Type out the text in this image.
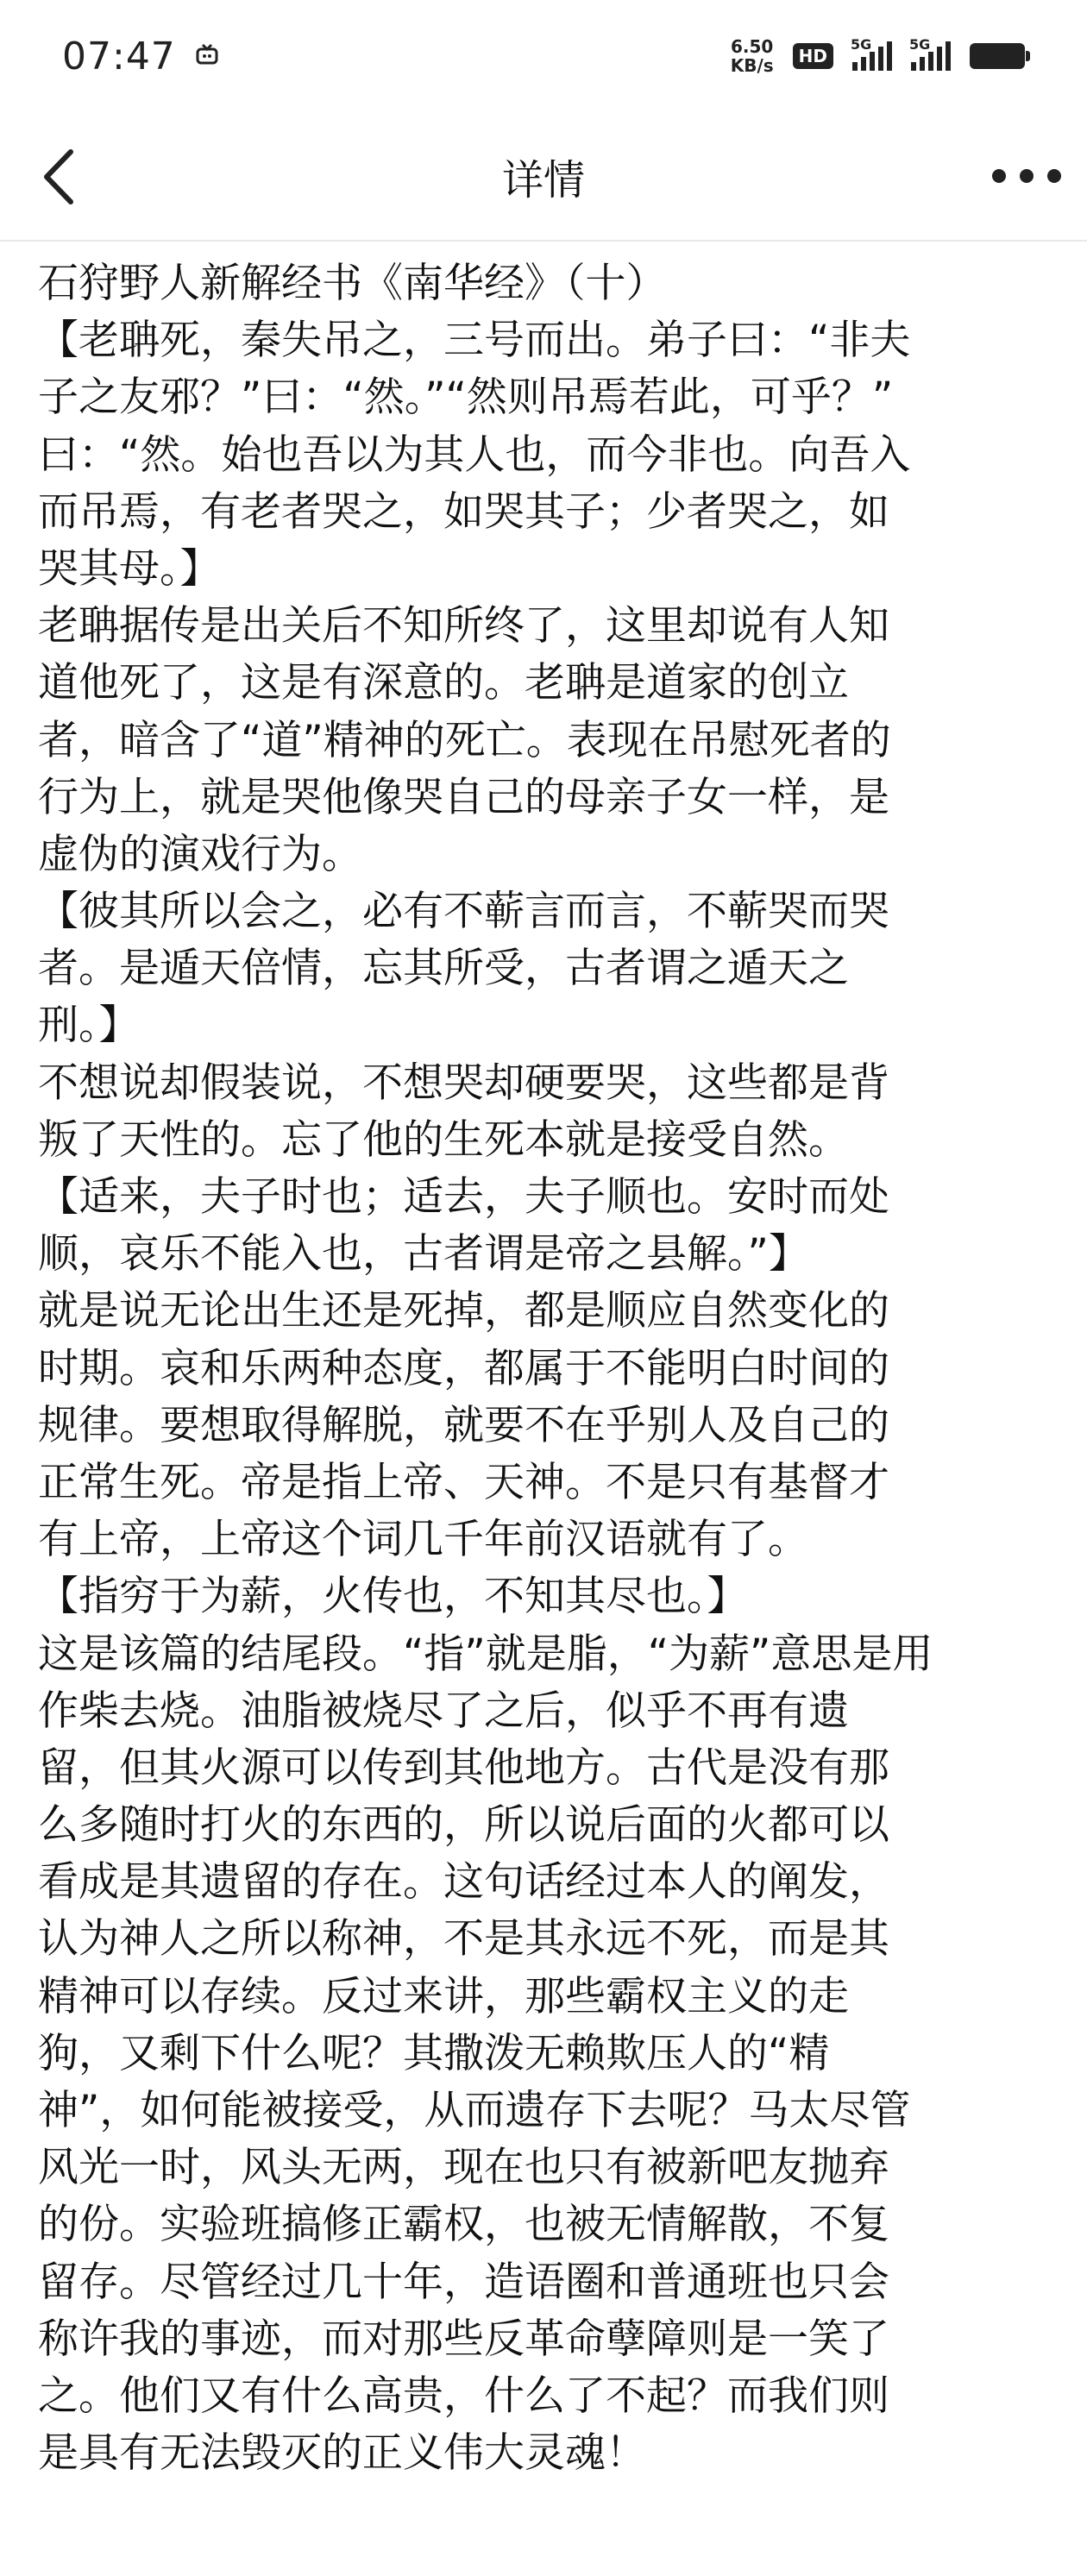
07:47	6.50
KB/s	HD
5G	5G
详情
石狩野人新解经书《南华经》（十）
【老聃死，秦失吊之，三号而出。弟子曰：“非夫
子之友邪？”曰：“然。”“然则吊焉若此，可乎？”
曰：“然。始也吾以为其人也，而今非也。向吾入
而吊焉，有老者哭之，如哭其子；少者哭之，如
哭其母。】
老聃据传是出关后不知所终了，这里却说有人知
道他死了，这是有深意的。老聃是道家的创立
者，暗含了“道”精神的死亡。表现在吊慰死者的
行为上，就是哭他像哭自己的母亲子女一样，是
虚伪的演戏行为。
【彼其所以会之，必有不蕲言而言，不蕲哭而哭
者。是遁天倍情，忘其所受，古者谓之遁天之
刑。】
不想说却假装说，不想哭却硬要哭，这些都是背
叛了天性的。忘了他的生死本就是接受自然。
【适来，夫子时也；适去，夫子顺也。安时而处
顺，哀乐不能入也，古者谓是帝之县解。”】
就是说无论出生还是死掉，都是顺应自然变化的
时期。哀和乐两种态度，都属于不能明白时间的
规律。要想取得解脱，就要不在乎别人及自己的
正常生死。帝是指上帝、天神。不是只有基督才
有上帝，上帝这个词几千年前汉语就有了。
【指穷于为薪，火传也，不知其尽也。】
这是该篇的结尾段。“指”就是脂，“为薪”意思是用
作柴去烧。油脂被烧尽了之后，似乎不再有遗
留，但其火源可以传到其他地方。古代是没有那
么多随时打火的东西的，所以说后面的火都可以
看成是其遗留的存在。这句话经过本人的阐发，
认为神人之所以称神，不是其永远不死，而是其
精神可以存续。反过来讲，那些霸权主义的走
狗，又剩下什么呢？其撒泼无赖欺压人的“精
神”，如何能被接受，从而遗存下去呢？马太尽管
风光一时，风头无两，现在也只有被新吧友抛弃
的份。实验班搞修正霸权，也被无情解散，不复
留存。尽管经过几十年，造语圈和普通班也只会
称许我的事迹，而对那些反革命孽障则是一笑了
之。他们又有什么高贵，什么了不起？而我们则
是具有无法毁灭的正义伟大灵魂！
